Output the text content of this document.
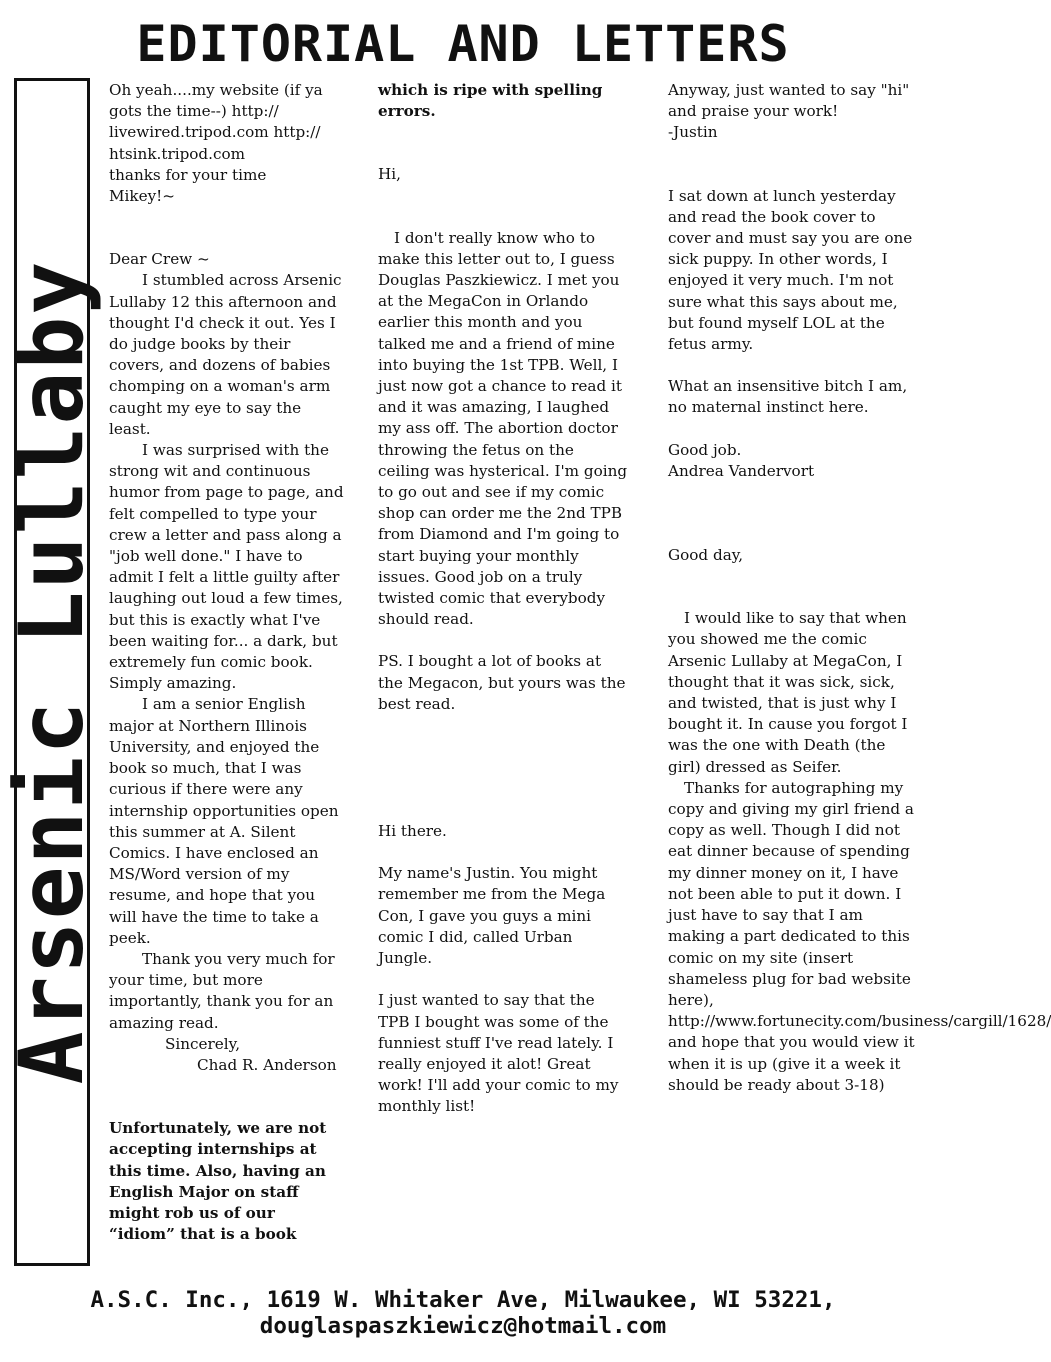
EDITORIAL AND LETTERS
Arsenic Lullaby

Oh yeah....my website (if ya

gots the time--) http://

livewired.tripod.com http://

htsink.tripod.com

thanks for your time

Mikey!~

Dear Crew ~

I stumbled across Arsenic Lullaby 12 this afternoon and thought I'd check it out. Yes I do judge books by their covers, and dozens of babies chomping on a woman's arm caught my eye to say the least.

I was surprised with the strong wit and continuous humor from page to page, and felt compelled to type your crew a letter and pass along a "job well done." I have to admit I felt a little guilty after laughing out loud a few times, but this is exactly what I've been waiting for... a dark, but extremely fun comic book. Simply amazing.

I am a senior English major at Northern Illinois University, and enjoyed the book so much, that I was curious if there were any internship opportunities open this summer at A. Silent Comics. I have enclosed an MS/Word version of my resume, and hope that you will have the time to take a peek.

Thank you very much for your time, but more importantly, thank you for an amazing read.

Sincerely,

Chad R. Anderson

Unfortunately, we are not accepting internships at this time. Also, having an English Major on staff might rob us of our “idiom” that is a book

which is ripe with spelling errors.

Hi,

I don't really know who to make this letter out to, I guess Douglas Paszkiewicz. I met you at the MegaCon in Orlando earlier this month and you talked me and a friend of mine into buying the 1st TPB. Well, I just now got a chance to read it and it was amazing, I laughed my ass off. The abortion doctor throwing the fetus on the ceiling was hysterical. I'm going to go out and see if my comic shop can order me the 2nd TPB from Diamond and I'm going to start buying your monthly issues. Good job on a truly twisted comic that everybody should read.

PS. I bought a lot of books at the Megacon, but yours was the best read.

Hi there.

My name's Justin. You might remember me from the Mega Con, I gave you guys a mini comic I did, called Urban Jungle.

I just wanted to say that the TPB I bought was some of the funniest stuff I've read lately. I really enjoyed it alot! Great work! I'll add your comic to my monthly list!

Anyway, just wanted to say "hi" and praise your work!

-Justin

I sat down at lunch yesterday and read the book cover to cover and must say you are one sick puppy. In other words, I enjoyed it very much. I'm not sure what this says about me, but found myself LOL at the fetus army.

What an insensitive bitch I am, no maternal instinct here.

Good job.

Andrea Vandervort

Good day,

I would like to say that when you showed me the comic Arsenic Lullaby at MegaCon, I thought that it was sick, sick, and twisted, that is just why I bought it. In cause you forgot I was the one with Death (the girl) dressed as Seifer.

Thanks for autographing my copy and giving my girl friend a copy as well. Though I did not eat dinner because of spending my dinner money on it, I have not been able to put it down. I just have to say that I am making a part dedicated to this comic on my site (insert shameless plug for bad website here), http://www.fortunecity.com/business/cargill/1628/ and hope that you would view it when it is up (give it a week it should be ready about 3-18)

A.S.C. Inc., 1619 W. Whitaker Ave, Milwaukee, WI 53221,
douglaspaszkiewicz@hotmail.com
